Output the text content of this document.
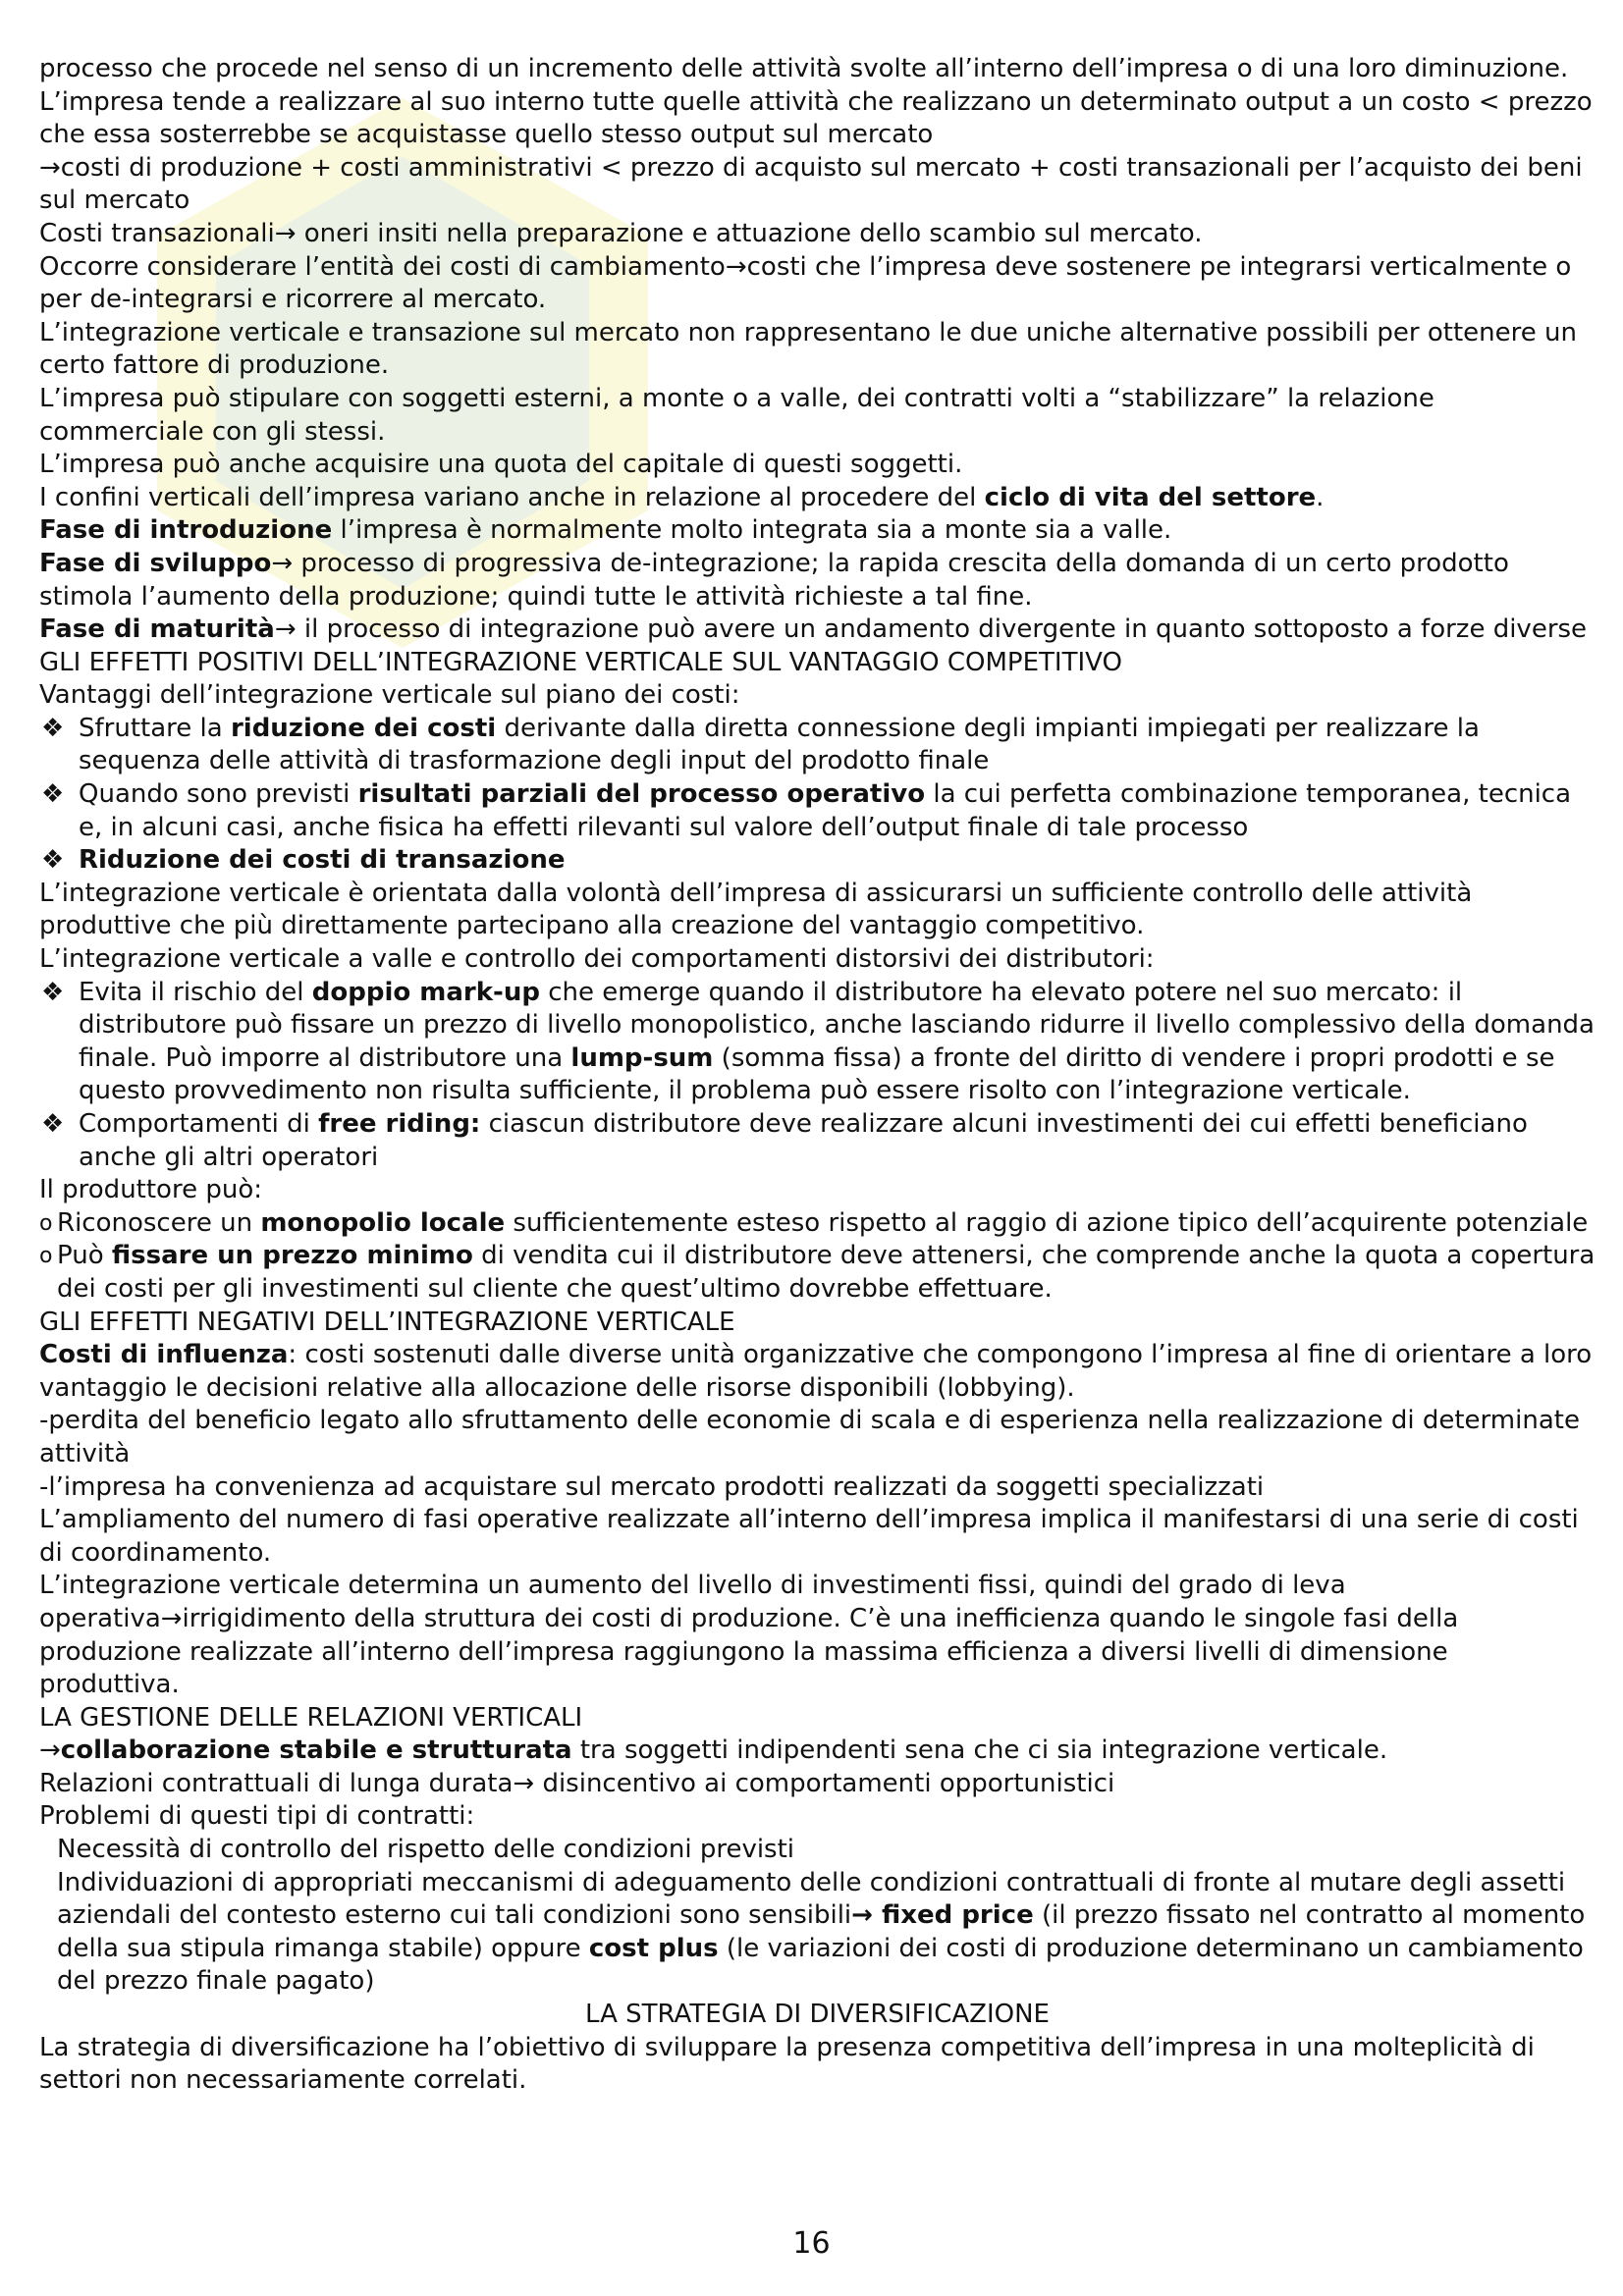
processo che procede nel senso di un incremento delle attività svolte all’interno dell’impresa o di una loro diminuzione.

L’impresa tende a realizzare al suo interno tutte quelle attività che realizzano un determinato output a un costo < prezzo che essa sosterrebbe se acquistasse quello stesso output sul mercato

→costi di produzione + costi amministrativi < prezzo di acquisto sul mercato + costi transazionali per l’acquisto dei beni sul mercato

Costi transazionali→ oneri insiti nella preparazione e attuazione dello scambio sul mercato.

Occorre considerare l’entità dei costi di cambiamento→costi che l’impresa deve sostenere pe integrarsi verticalmente o per de-integrarsi e ricorrere al mercato.

L’integrazione verticale e transazione sul mercato non rappresentano le due uniche alternative possibili per ottenere un certo fattore di produzione.

L’impresa può stipulare con soggetti esterni, a monte o a valle, dei contratti volti a “stabilizzare” la relazione commerciale con gli stessi.

L’impresa può anche acquisire una quota del capitale di questi soggetti.

I confini verticali dell’impresa variano anche in relazione al procedere del ciclo di vita del settore.

Fase di introduzione l’impresa è normalmente molto integrata sia a monte sia a valle.

Fase di sviluppo→ processo di progressiva de-integrazione; la rapida crescita della domanda di un certo prodotto stimola l’aumento della produzione; quindi tutte le attività richieste a tal fine.

Fase di maturità→ il processo di integrazione può avere un andamento divergente in quanto sottoposto a forze diverse

GLI EFFETTI POSITIVI DELL’INTEGRAZIONE VERTICALE SUL VANTAGGIO COMPETITIVO

Vantaggi dell’integrazione verticale sul piano dei costi:

❖ Sfruttare la riduzione dei costi derivante dalla diretta connessione degli impianti impiegati per realizzare la sequenza delle attività di trasformazione degli input del prodotto finale
❖ Quando sono previsti risultati parziali del processo operativo la cui perfetta combinazione temporanea, tecnica e, in alcuni casi, anche fisica ha effetti rilevanti sul valore dell’output finale di tale processo
❖ Riduzione dei costi di transazione

L’integrazione verticale è orientata dalla volontà dell’impresa di assicurarsi un sufficiente controllo delle attività produttive che più direttamente partecipano alla creazione del vantaggio competitivo.

L’integrazione verticale a valle e controllo dei comportamenti distorsivi dei distributori:

❖ Evita il rischio del doppio mark-up che emerge quando il distributore ha elevato potere nel suo mercato: il distributore può fissare un prezzo di livello monopolistico, anche lasciando ridurre il livello complessivo della domanda finale. Può imporre al distributore una lump-sum (somma fissa) a fronte del diritto di vendere i propri prodotti e se questo provvedimento non risulta sufficiente, il problema può essere risolto con l’integrazione verticale.
❖ Comportamenti di free riding: ciascun distributore deve realizzare alcuni investimenti dei cui effetti beneficiano anche gli altri operatori

Il produttore può:

o Riconoscere un monopolio locale sufficientemente esteso rispetto al raggio di azione tipico dell’acquirente potenziale
o Può fissare un prezzo minimo di vendita cui il distributore deve attenersi, che comprende anche la quota a copertura dei costi per gli investimenti sul cliente che quest’ultimo dovrebbe effettuare.

GLI EFFETTI NEGATIVI DELL’INTEGRAZIONE VERTICALE

Costi di influenza: costi sostenuti dalle diverse unità organizzative che compongono l’impresa al fine di orientare a loro vantaggio le decisioni relative alla allocazione delle risorse disponibili (lobbying).

-perdita del beneficio legato allo sfruttamento delle economie di scala e di esperienza nella realizzazione di determinate attività

-l’impresa ha convenienza ad acquistare sul mercato prodotti realizzati da soggetti specializzati

L’ampliamento del numero di fasi operative realizzate all’interno dell’impresa implica il manifestarsi di una serie di costi di coordinamento.

L’integrazione verticale determina un aumento del livello di investimenti fissi, quindi del grado di leva operativa→irrigidimento della struttura dei costi di produzione. C’è una inefficienza quando le singole fasi della produzione realizzate all’interno dell’impresa raggiungono la massima efficienza a diversi livelli di dimensione produttiva.

LA GESTIONE DELLE RELAZIONI VERTICALI

→collaborazione stabile e strutturata tra soggetti indipendenti sena che ci sia integrazione verticale.

Relazioni contrattuali di lunga durata→ disincentivo ai comportamenti opportunistici

Problemi di questi tipi di contratti:

Necessità di controllo del rispetto delle condizioni previsti

Individuazioni di appropriati meccanismi di adeguamento delle condizioni contrattuali di fronte al mutare degli assetti aziendali del contesto esterno cui tali condizioni sono sensibili→ fixed price (il prezzo fissato nel contratto al momento della sua stipula rimanga stabile) oppure cost plus (le variazioni dei costi di produzione determinano un cambiamento del prezzo finale pagato)

LA STRATEGIA DI DIVERSIFICAZIONE

La strategia di diversificazione ha l’obiettivo di sviluppare la presenza competitiva dell’impresa in una molteplicità di settori non necessariamente correlati.

16
